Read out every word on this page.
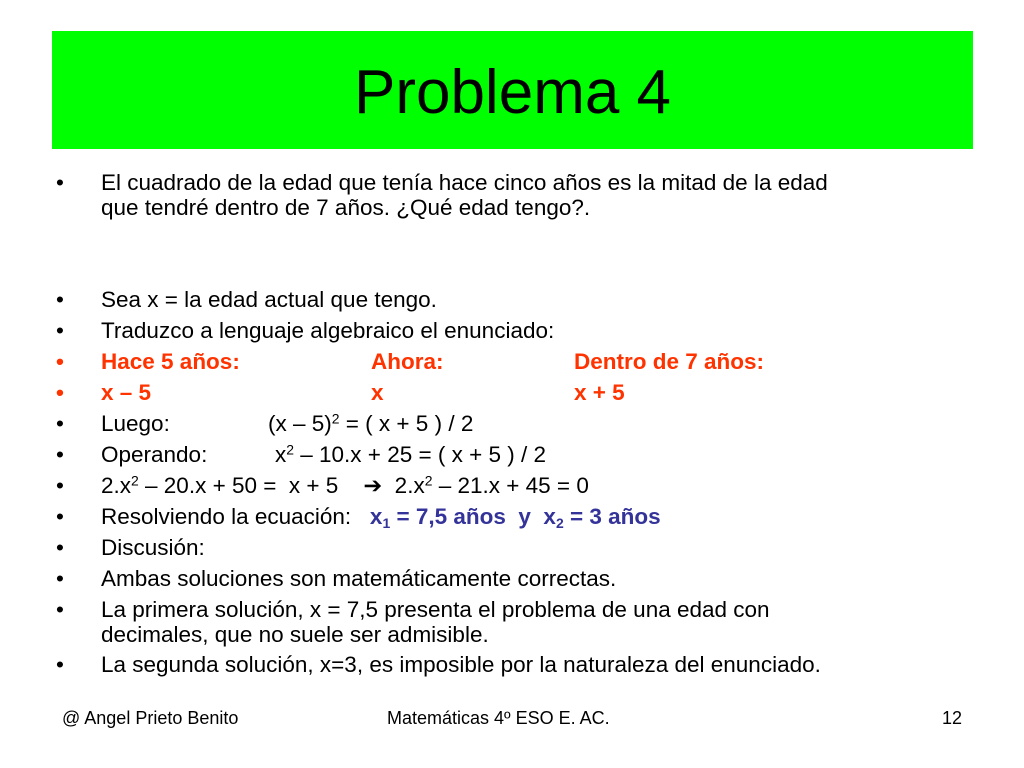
Problema 4
• El cuadrado de la edad que tenía hace cinco años es la mitad de la edad
que tendré dentro de 7 años. ¿Qué edad tengo?.
• Sea x = la edad actual que tengo.
• Traduzco a lenguaje algebraico el enunciado:
• Hace 5 años:	Ahora:	Dentro de 7 años:
• x – 5	x	x + 5
• Luego:	(x – 5)$^2$ = ( x + 5 ) / 2
• Operando:	$x^2 - 10.x + 25$ = ( x + 5 ) / 2
• $2.x^2 - 20.x + 50 = x + 5$    ➔  $2.x^2 - 21.x + 45 = 0$
• Resolviendo la ecuación:   $x_1 = 7,5$ años  y  $x_2 = 3$ años
• Discusión:
• Ambas soluciones son matemáticamente correctas.
• La primera solución, x = 7,5 presenta el problema de una edad con
decimales, que no suele ser admisible.
• La segunda solución, x=3, es imposible por la naturaleza del enunciado.
@ Angel Prieto Benito	Matemáticas 4º ESO E. AC.	12
